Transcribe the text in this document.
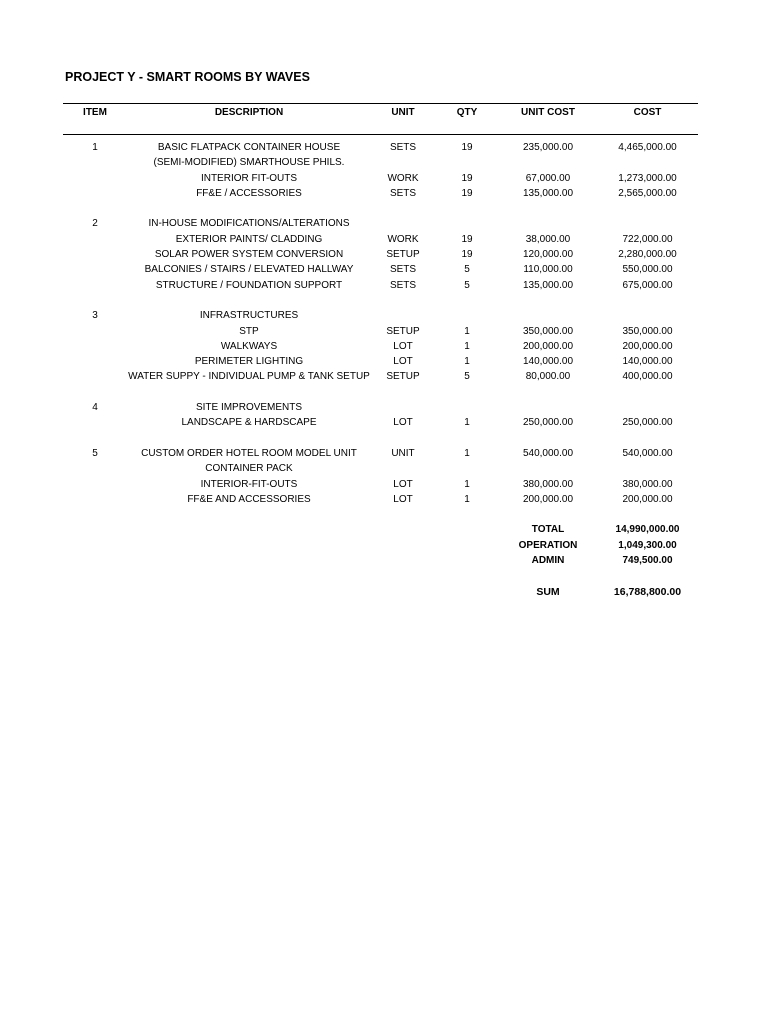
PROJECT Y - SMART ROOMS BY WAVES
ITEM	DESCRIPTION	UNIT	QTY	UNIT COST	COST
1	BASIC FLATPACK CONTAINER HOUSE	SETS	19	235,000.00	4,465,000.00
(SEMI-MODIFIED) SMARTHOUSE PHILS.
INTERIOR FIT-OUTS	WORK	19	67,000.00	1,273,000.00
FF&E / ACCESSORIES	SETS	19	135,000.00	2,565,000.00
2	IN-HOUSE MODIFICATIONS/ALTERATIONS
EXTERIOR PAINTS/ CLADDING	WORK	19	38,000.00	722,000.00
SOLAR POWER SYSTEM CONVERSION	SETUP	19	120,000.00	2,280,000.00
BALCONIES / STAIRS / ELEVATED HALLWAY	SETS	5	110,000.00	550,000.00
STRUCTURE / FOUNDATION SUPPORT	SETS	5	135,000.00	675,000.00
3	INFRASTRUCTURES
STP	SETUP	1	350,000.00	350,000.00
WALKWAYS	LOT	1	200,000.00	200,000.00
PERIMETER LIGHTING	LOT	1	140,000.00	140,000.00
WATER SUPPY - INDIVIDUAL PUMP & TANK SETUP	SETUP	5	80,000.00	400,000.00
4	SITE IMPROVEMENTS
LANDSCAPE & HARDSCAPE	LOT	1	250,000.00	250,000.00
5	CUSTOM ORDER HOTEL ROOM MODEL UNIT	UNIT	1	540,000.00	540,000.00
CONTAINER PACK
INTERIOR-FIT-OUTS	LOT	1	380,000.00	380,000.00
FF&E AND ACCESSORIES	LOT	1	200,000.00	200,000.00
TOTAL	14,990,000.00
OPERATION	1,049,300.00
ADMIN	749,500.00
SUM	16,788,800.00
